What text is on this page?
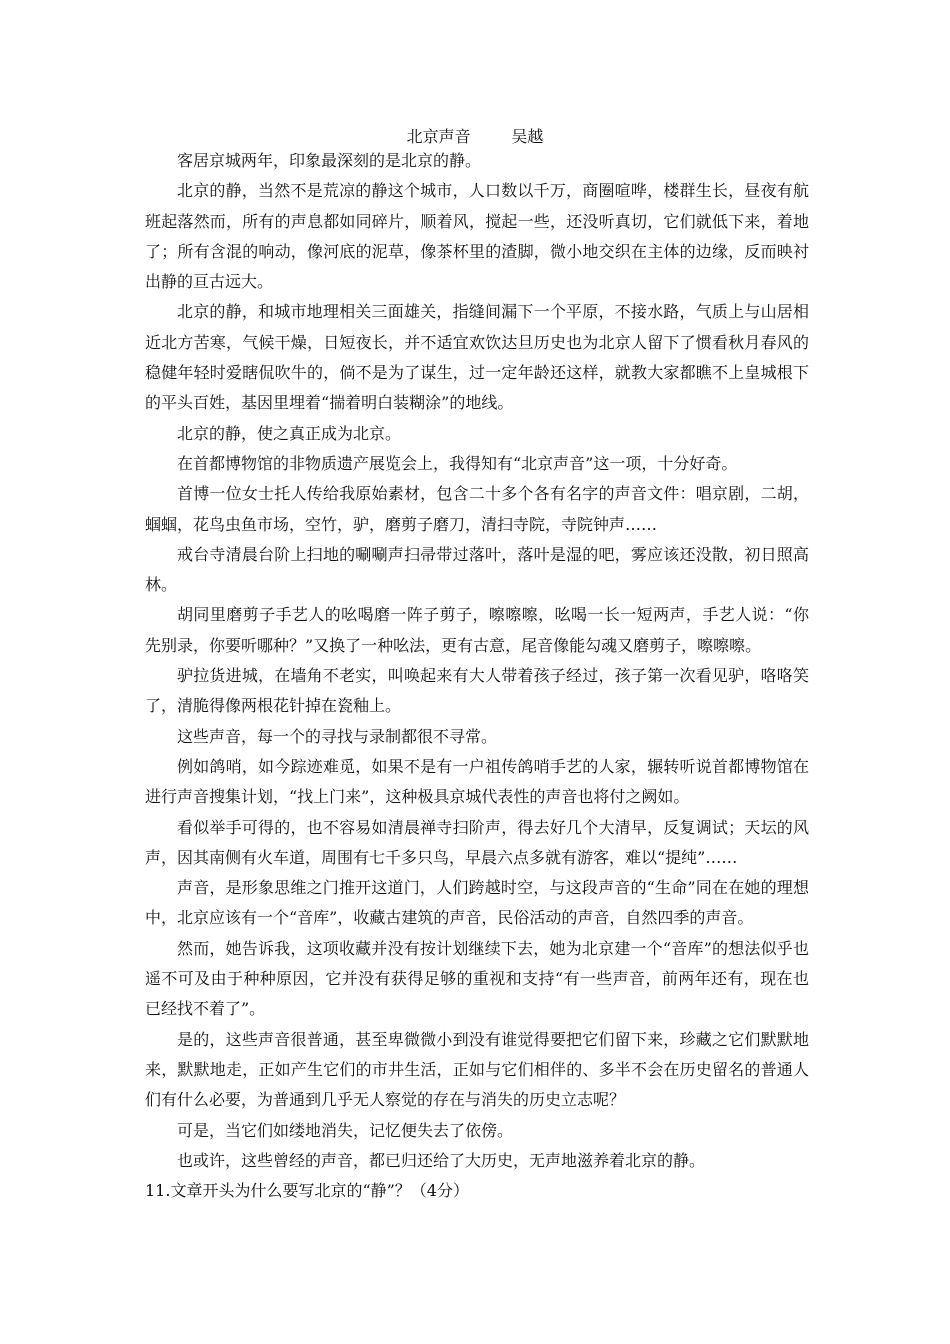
北京声音        吴越

客居京城两年，印象最深刻的是北京的静。

北京的静，当然不是荒凉的静这个城市，人口数以千万，商圈喧哗，楼群生长，昼夜有航班起落然而，所有的声息都如同碎片，顺着风，搅起一些，还没听真切，它们就低下来，着地了；所有含混的响动，像河底的泥草，像茶杯里的渣脚，微小地交织在主体的边缘，反而映衬出静的亘古远大。

北京的静，和城市地理相关三面雄关，指缝间漏下一个平原，不接水路，气质上与山居相近北方苦寒，气候干燥，日短夜长，并不适宜欢饮达旦历史也为北京人留下了惯看秋月春风的稳健年轻时爱瞎侃吹牛的，倘不是为了谋生，过一定年龄还这样，就教大家都瞧不上皇城根下的平头百姓，基因里埋着“揣着明白装糊涂”的地线。

北京的静，使之真正成为北京。

在首都博物馆的非物质遗产展览会上，我得知有“北京声音”这一项，十分好奇。

首博一位女士托人传给我原始素材，包含二十多个各有名字的声音文件：唱京剧，二胡，蝈蝈，花鸟虫鱼市场，空竹，驴，磨剪子磨刀，清扫寺院，寺院钟声……

戒台寺清晨台阶上扫地的唰唰声扫帚带过落叶，落叶是湿的吧，雾应该还没散，初日照高林。

胡同里磨剪子手艺人的吆喝磨一阵子剪子，嚓嚓嚓，吆喝一长一短两声，手艺人说：“你先别录，你要听哪种？”又换了一种吆法，更有古意，尾音像能勾魂又磨剪子，嚓嚓嚓。

驴拉货进城，在墙角不老实，叫唤起来有大人带着孩子经过，孩子第一次看见驴，咯咯笑了，清脆得像两根花针掉在瓷釉上。

这些声音，每一个的寻找与录制都很不寻常。

例如鸽哨，如今踪迹难觅，如果不是有一户祖传鸽哨手艺的人家，辗转听说首都博物馆在进行声音搜集计划，“找上门来”，这种极具京城代表性的声音也将付之阙如。

看似举手可得的，也不容易如清晨禅寺扫阶声，得去好几个大清早，反复调试；天坛的风声，因其南侧有火车道，周围有七千多只鸟，早晨六点多就有游客，难以“提纯”……

声音，是形象思维之门推开这道门，人们跨越时空，与这段声音的“生命”同在在她的理想中，北京应该有一个“音库”，收藏古建筑的声音，民俗活动的声音，自然四季的声音。

然而，她告诉我，这项收藏并没有按计划继续下去，她为北京建一个“音库”的想法似乎也遥不可及由于种种原因，它并没有获得足够的重视和支持“有一些声音，前两年还有，现在也已经找不着了”。

是的，这些声音很普通，甚至卑微微小到没有谁觉得要把它们留下来，珍藏之它们默默地来，默默地走，正如产生它们的市井生活，正如与它们相伴的、多半不会在历史留名的普通人们有什么必要，为普通到几乎无人察觉的存在与消失的历史立志呢？

可是，当它们如缕地消失，记忆便失去了依傍。

也或许，这些曾经的声音，都已归还给了大历史，无声地滋养着北京的静。

11.文章开头为什么要写北京的“静”？（4分）
